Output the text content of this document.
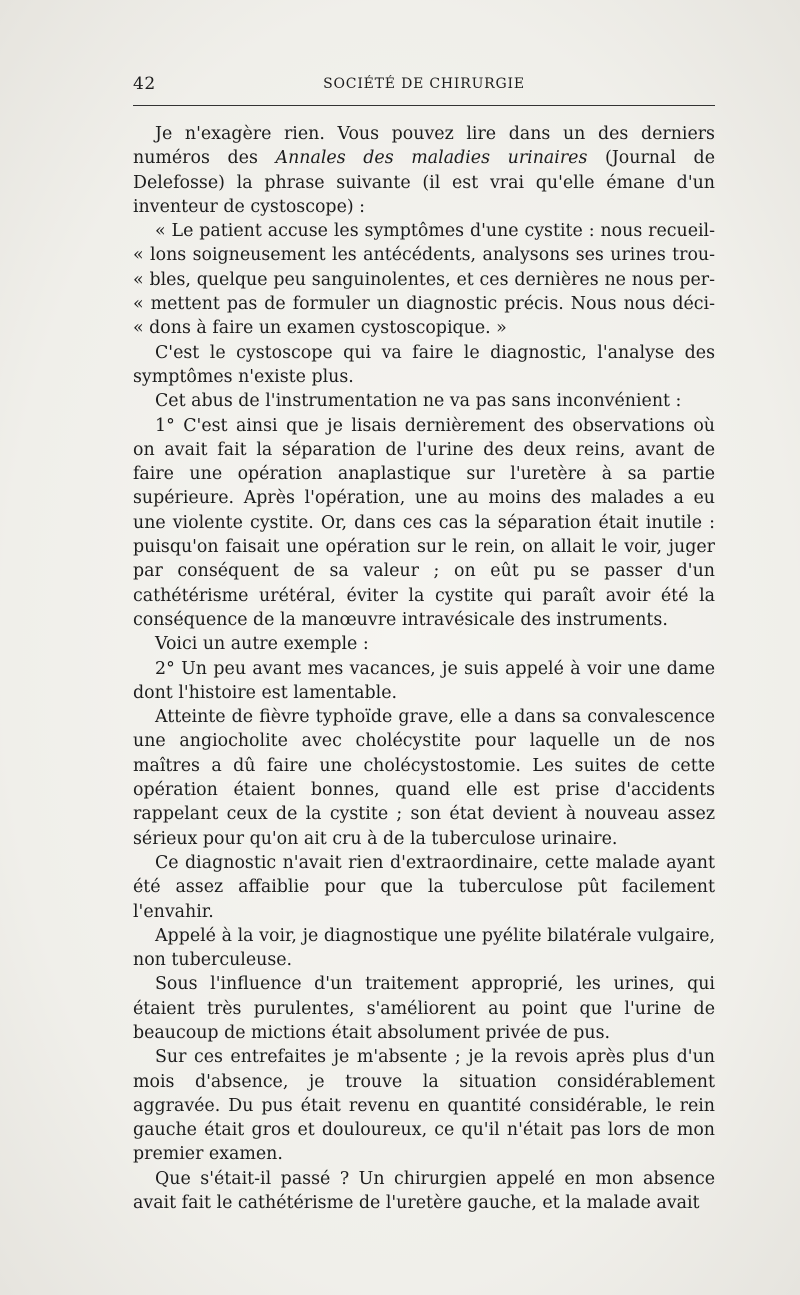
42	SOCIÉTÉ DE CHIRURGIE

Je n'exagère rien. Vous pouvez lire dans un des derniers numéros des Annales des maladies urinaires (Journal de Delefosse) la phrase suivante (il est vrai qu'elle émane d'un inventeur de cystoscope) :

« Le patient accuse les symptômes d'une cystite : nous recueil-
« lons soigneusement les antécédents, analysons ses urines trou-
« bles, quelque peu sanguinolentes, et ces dernières ne nous per-
« mettent pas de formuler un diagnostic précis. Nous nous déci-
« dons à faire un examen cystoscopique. »

C'est le cystoscope qui va faire le diagnostic, l'analyse des symptômes n'existe plus.

Cet abus de l'instrumentation ne va pas sans inconvénient :

1° C'est ainsi que je lisais dernièrement des observations où on avait fait la séparation de l'urine des deux reins, avant de faire une opération anaplastique sur l'uretère à sa partie supérieure. Après l'opération, une au moins des malades a eu une violente cystite. Or, dans ces cas la séparation était inutile : puisqu'on faisait une opération sur le rein, on allait le voir, juger par conséquent de sa valeur ; on eût pu se passer d'un cathétérisme urétéral, éviter la cystite qui paraît avoir été la conséquence de la manœuvre intravésicale des instruments.

Voici un autre exemple :

2° Un peu avant mes vacances, je suis appelé à voir une dame dont l'histoire est lamentable.

Atteinte de fièvre typhoïde grave, elle a dans sa convalescence une angiocholite avec cholécystite pour laquelle un de nos maîtres a dû faire une cholécystostomie. Les suites de cette opération étaient bonnes, quand elle est prise d'accidents rappelant ceux de la cystite ; son état devient à nouveau assez sérieux pour qu'on ait cru à de la tuberculose urinaire.

Ce diagnostic n'avait rien d'extraordinaire, cette malade ayant été assez affaiblie pour que la tuberculose pût facilement l'envahir.

Appelé à la voir, je diagnostique une pyélite bilatérale vulgaire, non tuberculeuse.

Sous l'influence d'un traitement approprié, les urines, qui étaient très purulentes, s'améliorent au point que l'urine de beaucoup de mictions était absolument privée de pus.

Sur ces entrefaites je m'absente ; je la revois après plus d'un mois d'absence, je trouve la situation considérablement aggravée. Du pus était revenu en quantité considérable, le rein gauche était gros et douloureux, ce qu'il n'était pas lors de mon premier examen.

Que s'était-il passé ? Un chirurgien appelé en mon absence avait fait le cathétérisme de l'uretère gauche, et la malade avait
